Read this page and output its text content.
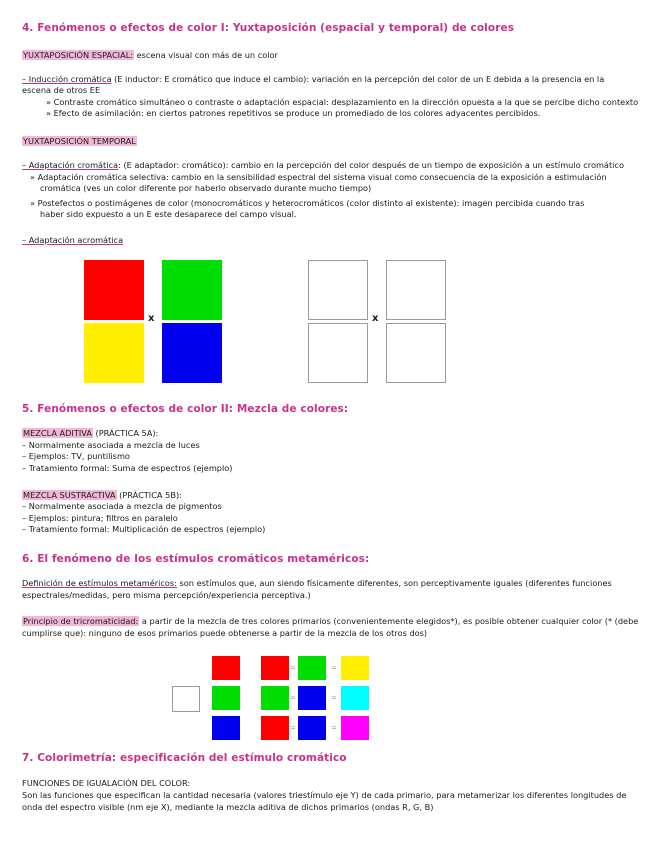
4. Fenómenos o efectos de color I: Yuxtaposición (espacial y temporal) de colores
YUXTAPOSICIÓN ESPACIAL: escena visual con más de un color
– Inducción cromática (E inductor: E cromático que induce el cambio): variación en la percepción del color de un E debida a la presencia en la
escena de otros EE
» Contraste cromático simultáneo o contraste o adaptación espacial: desplazamiento en la dirección opuesta a la que se percibe dicho contexto
» Efecto de asimilación: en ciertos patrones repetitivos se produce un promediado de los colores adyacentes percibidos.
YUXTAPOSICIÓN TEMPORAL
– Adaptación cromática: (E adaptador: cromático): cambio en la percepción del color después de un tiempo de exposición a un estímulo cromático
» Adaptación cromática selectiva: cambio en la sensibilidad espectral del sistema visual como consecuencia de la exposición a estimulación
cromática (ves un color diferente por haberlo observado durante mucho tiempo)
» Postefectos o postimágenes de color (monocromáticos y heterocromáticos (color distinto al existente): imagen percibida cuando tras
haber sido expuesto a un E este desaparece del campo visual.
– Adaptación acromática
x	x
5. Fenómenos o efectos de color II: Mezcla de colores:
MEZCLA ADITIVA (PRÁCTICA 5A):
– Normalmente asociada a mezcla de luces
– Ejemplos: TV, puntilismo
– Tratamiento formal: Suma de espectros (ejemplo)
MEZCLA SUSTRACTIVA (PRÁCTICA 5B):
– Normalmente asociada a mezcla de pigmentos
– Ejemplos: pintura; filtros en paralelo
– Tratamiento formal: Multiplicación de espectros (ejemplo)
6. El fenómeno de los estímulos cromáticos metaméricos:
Definición de estímulos metaméricos: son estímulos que, aun siendo físicamente diferentes, son perceptivamente iguales (diferentes funciones
espectrales/medidas, pero misma percepción/experiencia perceptiva.)
Principio de tricromaticidad: a partir de la mezcla de tres colores primarios (convenientemente elegidos*), es posible obtener cualquier color (* (debe
cumplirse que): ninguno de esos primarios puede obtenerse a partir de la mezcla de los otros dos)
=	=
=	=
=	=
7. Colorimetría: especificación del estímulo cromático
FUNCIONES DE IGUALACIÓN DEL COLOR:
Son las funciones que especifican la cantidad necesaria (valores triestímulo eje Y) de cada primario, para metamerizar los diferentes longitudes de
onda del espectro visible (nm eje X), mediante la mezcla aditiva de dichos primarios (ondas R, G, B)
